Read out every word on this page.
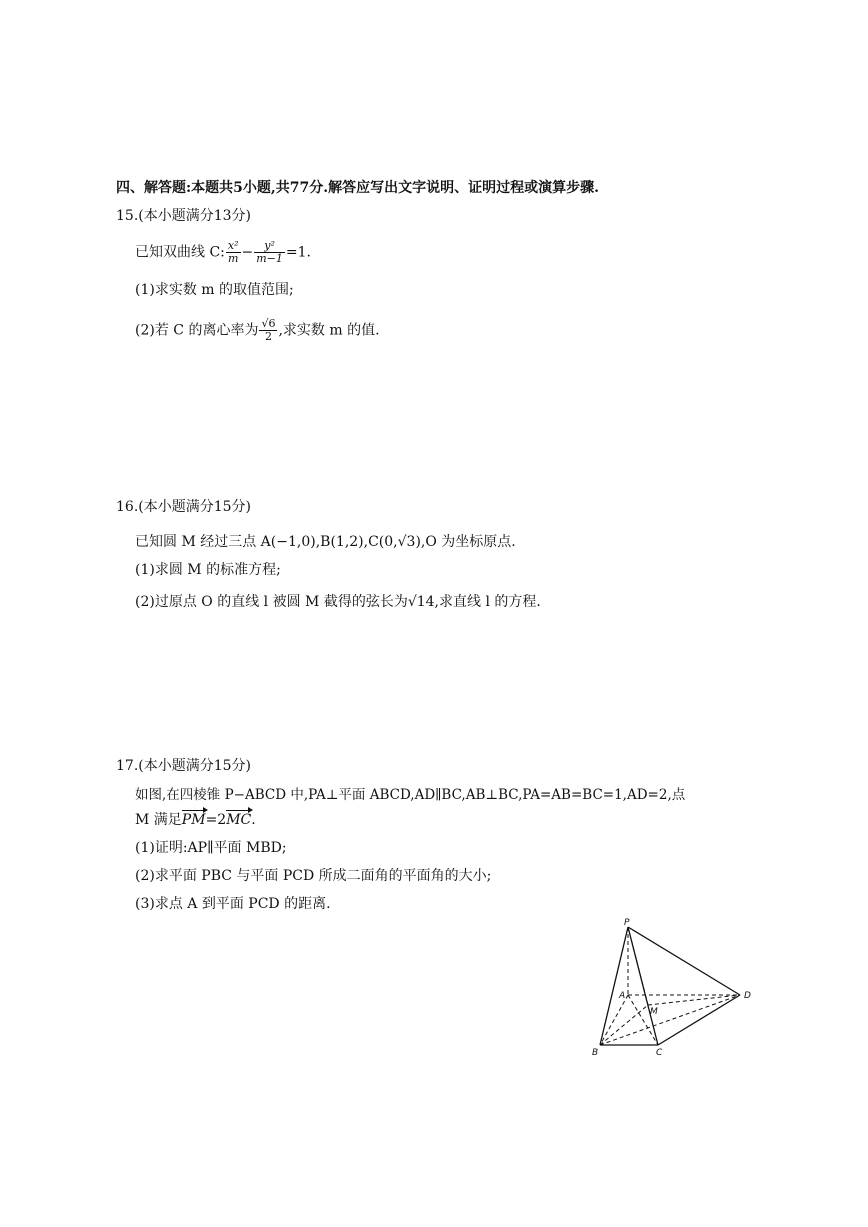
四、解答题:本题共5小题,共77分.解答应写出文字说明、证明过程或演算步骤.
15.(本小题满分13分)
已知双曲线 C: $\frac{\text{x²}}{m} - \frac{\text{y²}}{m-1} =1$.
(1)求实数 m 的取值范围;
(2)若 C 的离心率为 $\frac{√6}{2}$ ,求实数 m 的值.
16.(本小题满分15分)
已知圆 M 经过三点 A(−1,0),B(1,2),C(0,√3),O 为坐标原点.
(1)求圆 M 的标准方程;
(2)过原点 O 的直线 l 被圆 M 截得的弦长为√14,求直线 l 的方程.
17.(本小题满分15分)
如图,在四棱锥 P−ABCD 中,PA⊥平面 ABCD,AD∥BC,AB⊥BC,PA=AB=BC=1,AD=2,点
M 满足PM=2MC.
(1)证明:AP∥平面 MBD;
(2)求平面 PBC 与平面 PCD 所成二面角的平面角的大小;
(3)求点 A 到平面 PCD 的距离.
P
A
M
D
B	C
